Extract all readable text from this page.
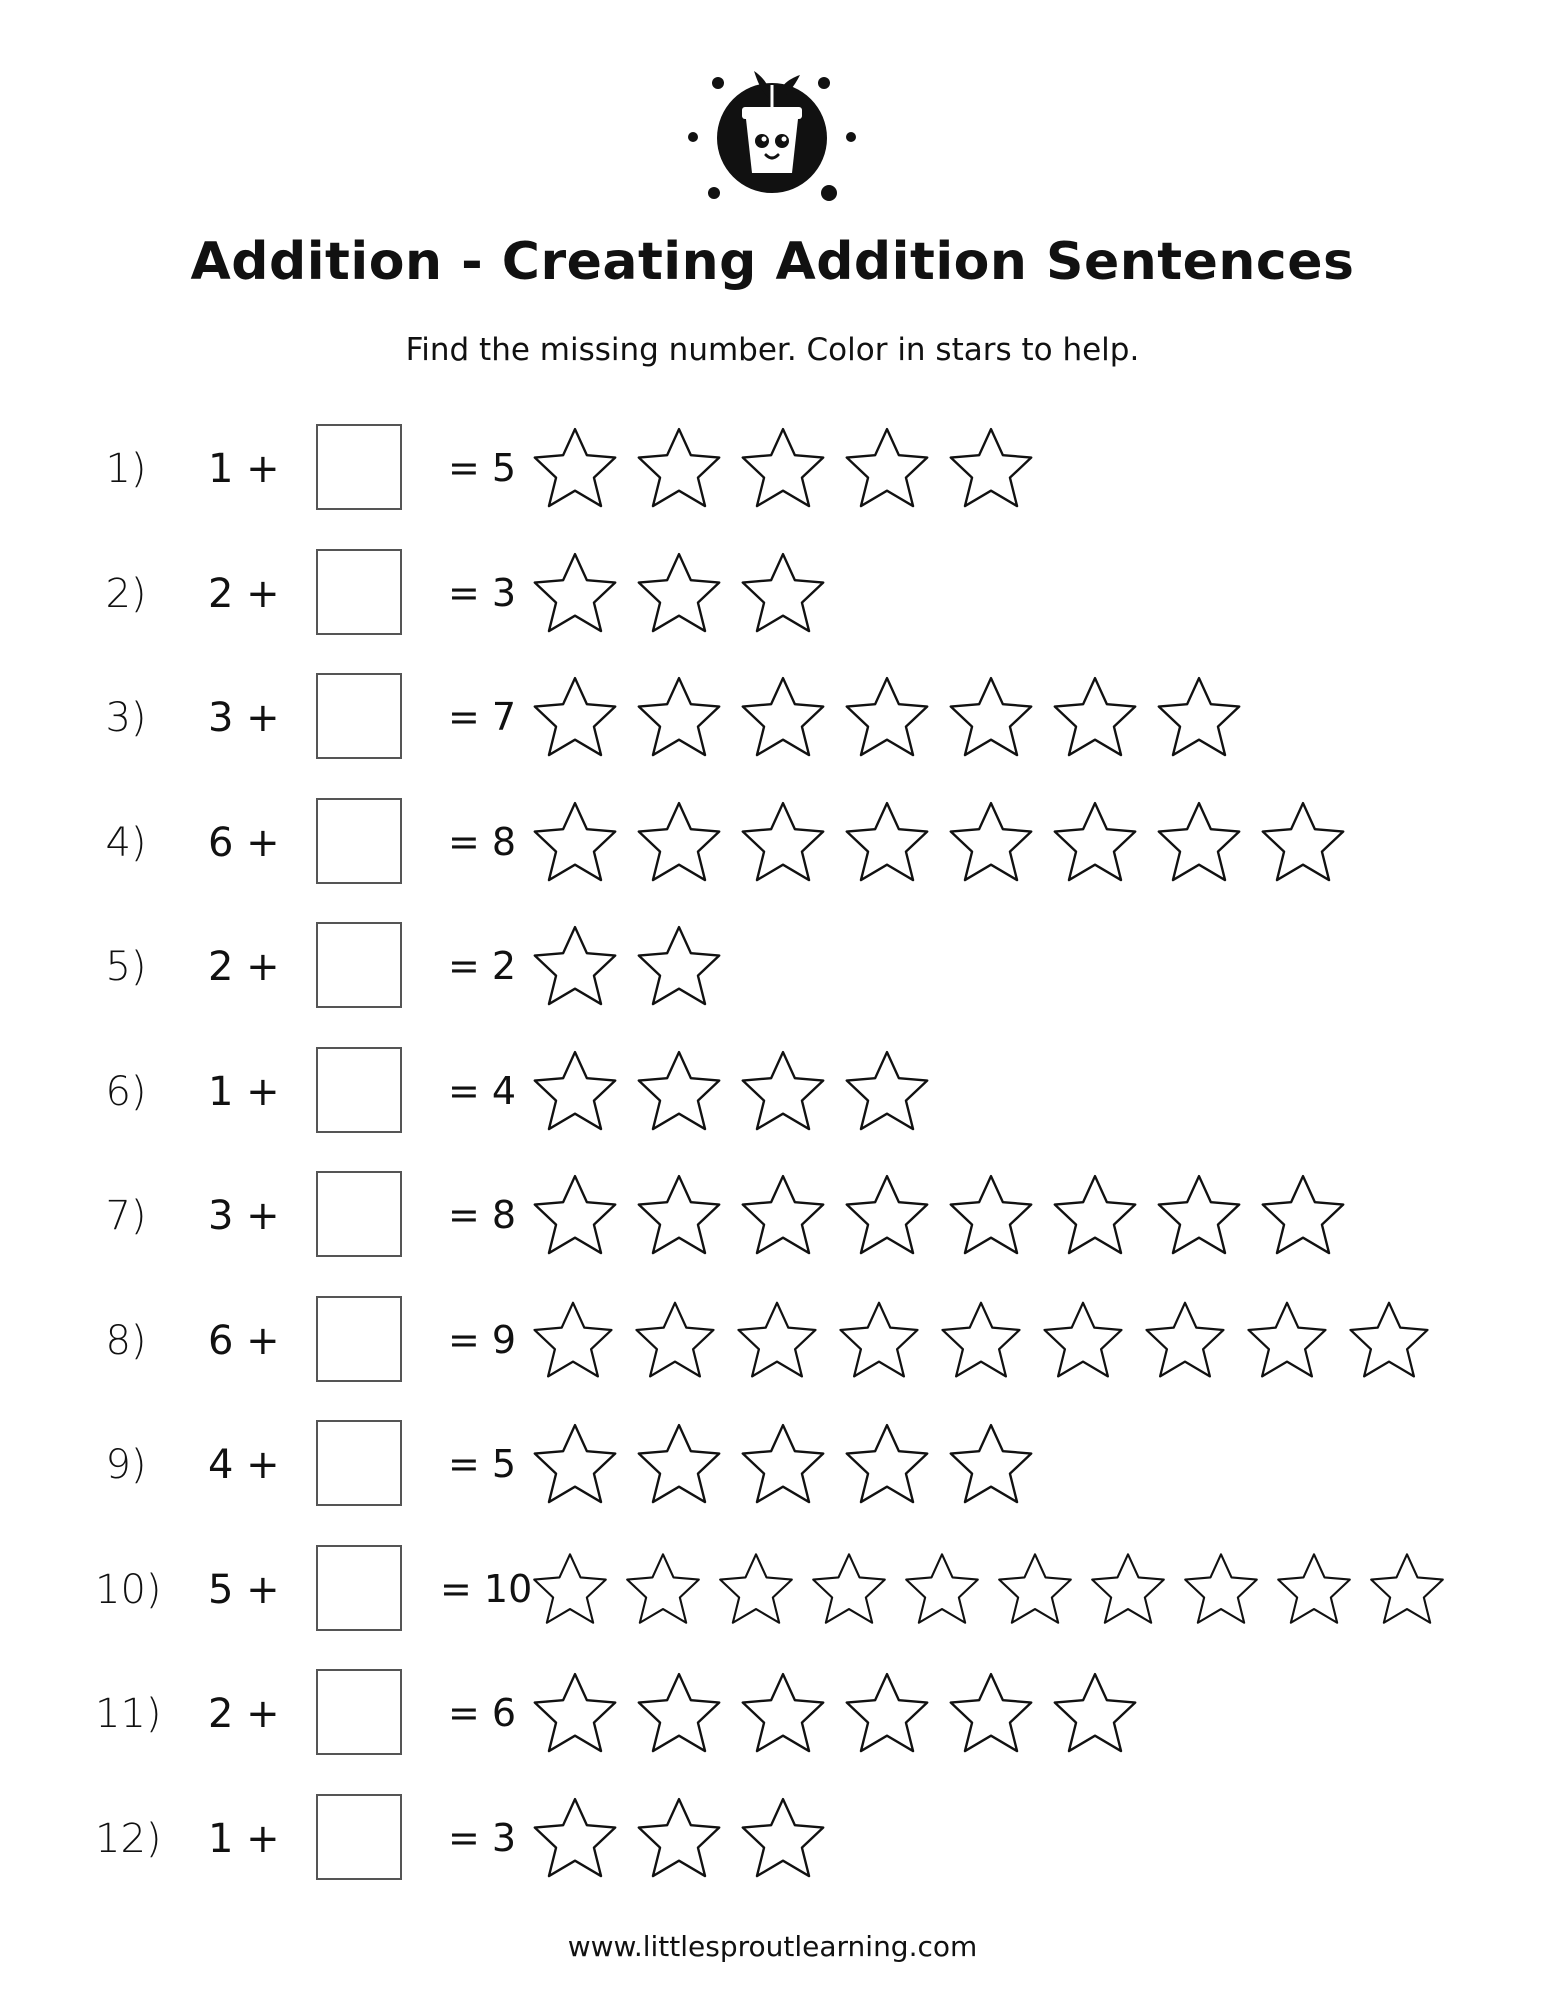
Addition - Creating Addition Sentences

Find the missing number. Color in stars to help.

1) 1 +	= 5
2) 2 +	= 3
3) 3 +	= 7
4) 6 +	= 8
5) 2 +	= 2
6) 1 +	= 4
7) 3 +	= 8
8) 6 +	= 9
9) 4 +	= 5
10) 5 +	= 10
11) 2 +	= 6
12) 1 +	= 3

www.littlesproutlearning.com
